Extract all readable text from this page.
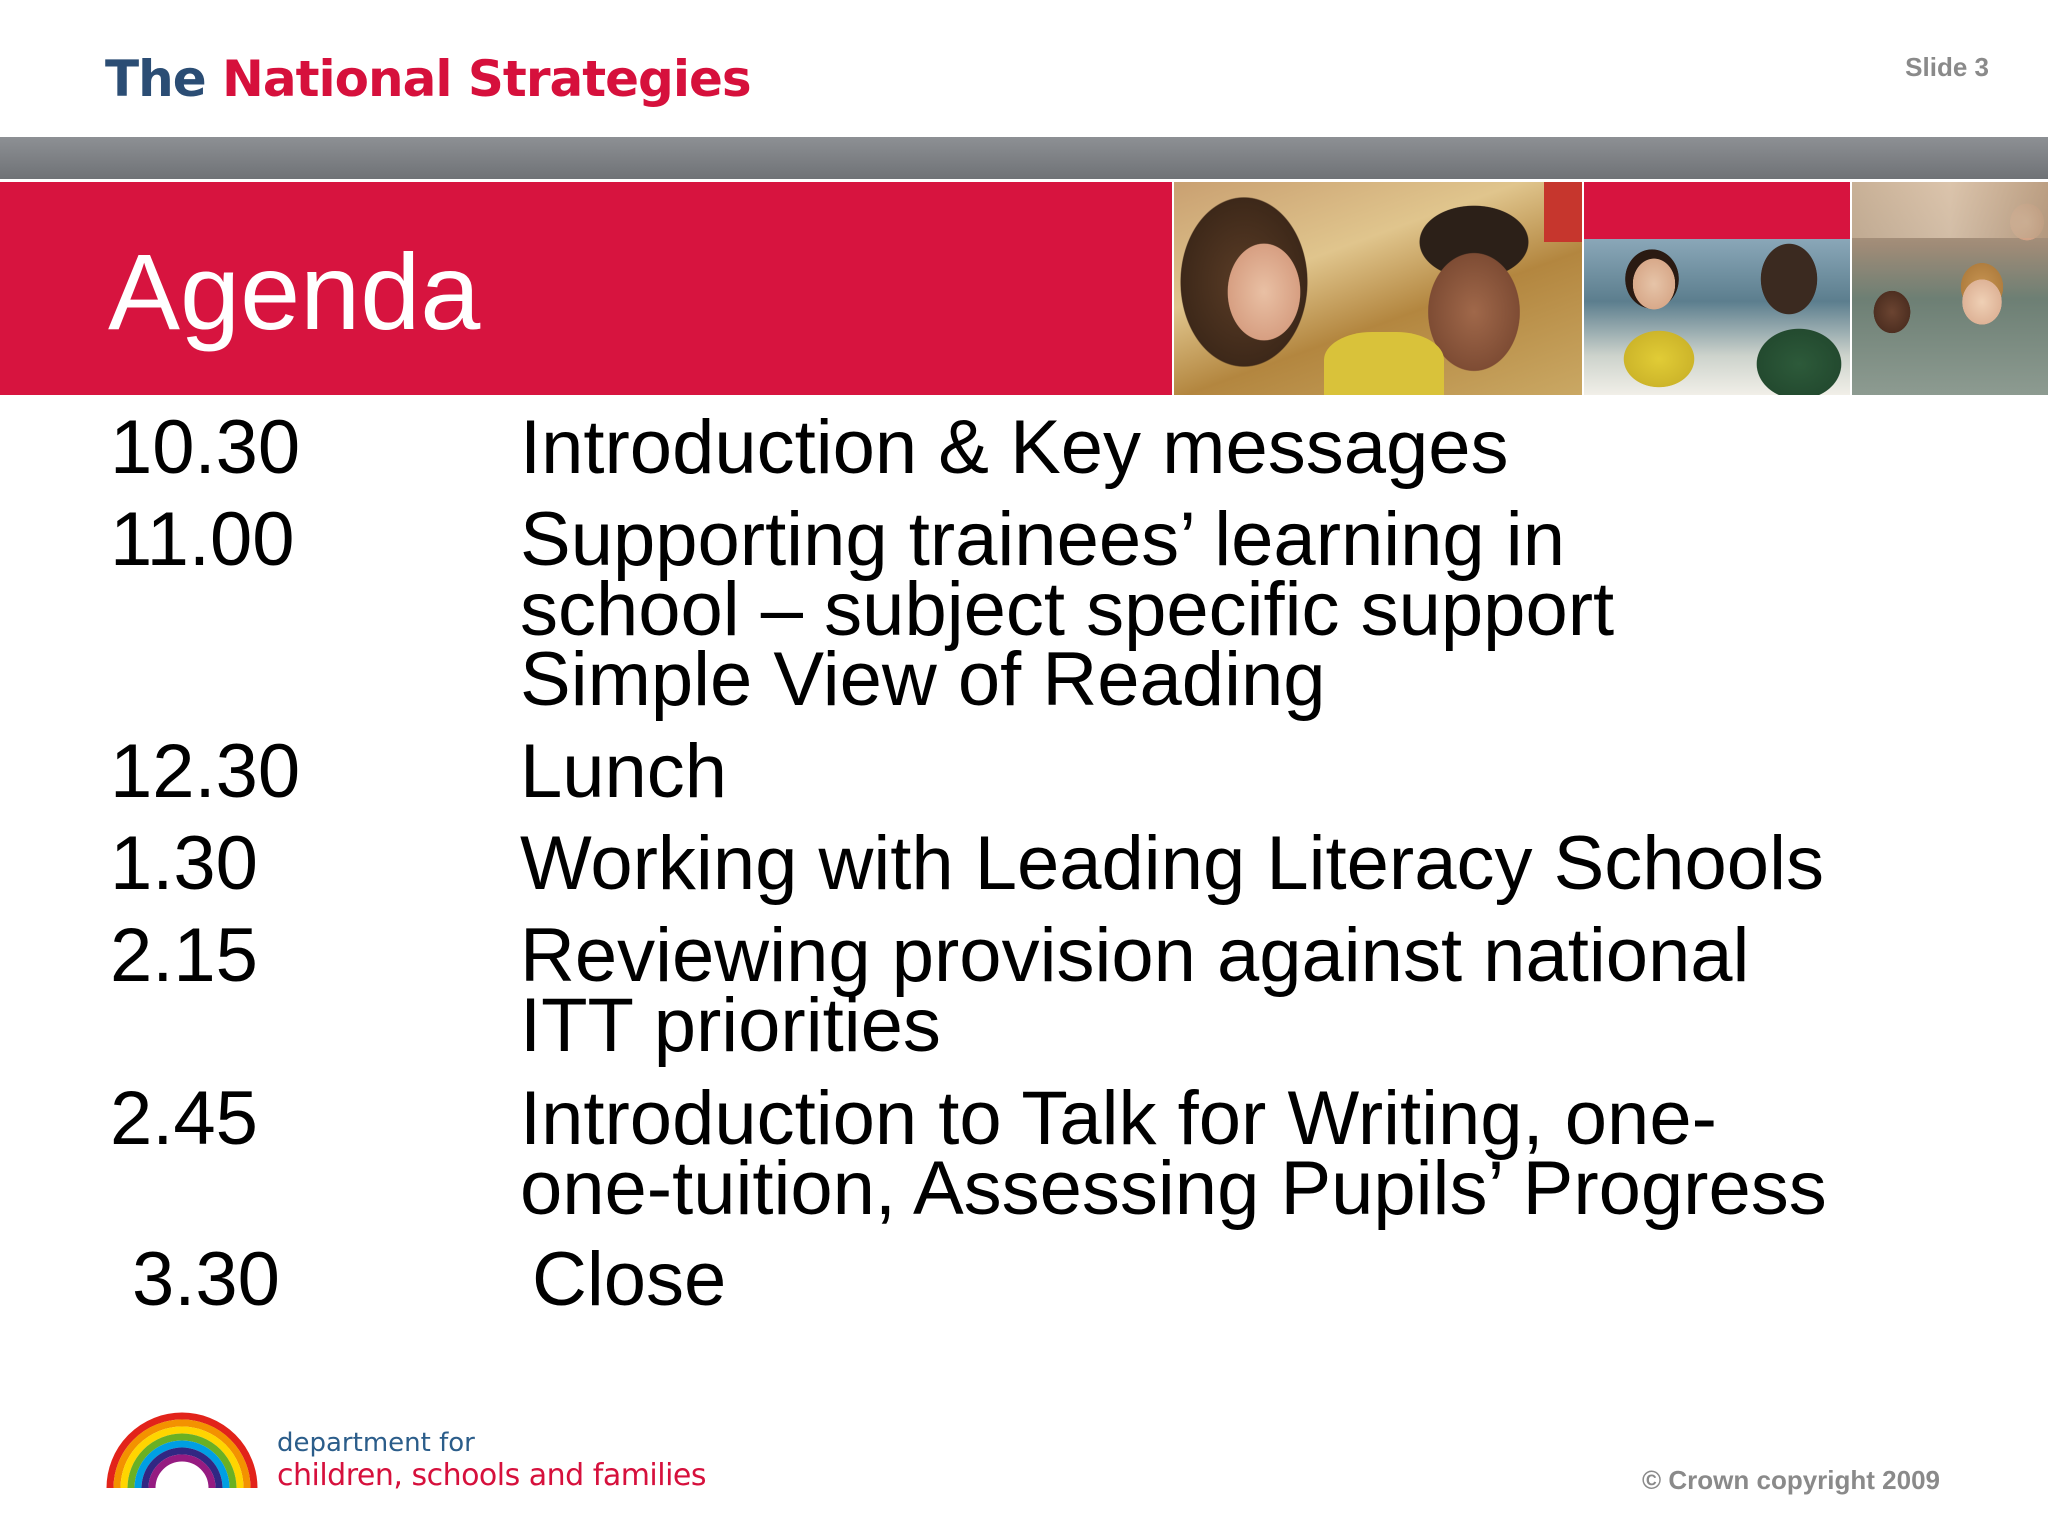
The National Strategies	Slide 3
Agenda
10.30	Introduction & Key messages
11.00	Supporting trainees’ learning in
school – subject specific support
Simple View of Reading
12.30	Lunch
1.30	Working with Leading Literacy Schools
2.15	Reviewing provision against national
ITT priorities
2.45	Introduction to Talk for Writing, one-
one-tuition, Assessing Pupils’ Progress
3.30	Close
department for
children, schools and families	© Crown copyright 2009
